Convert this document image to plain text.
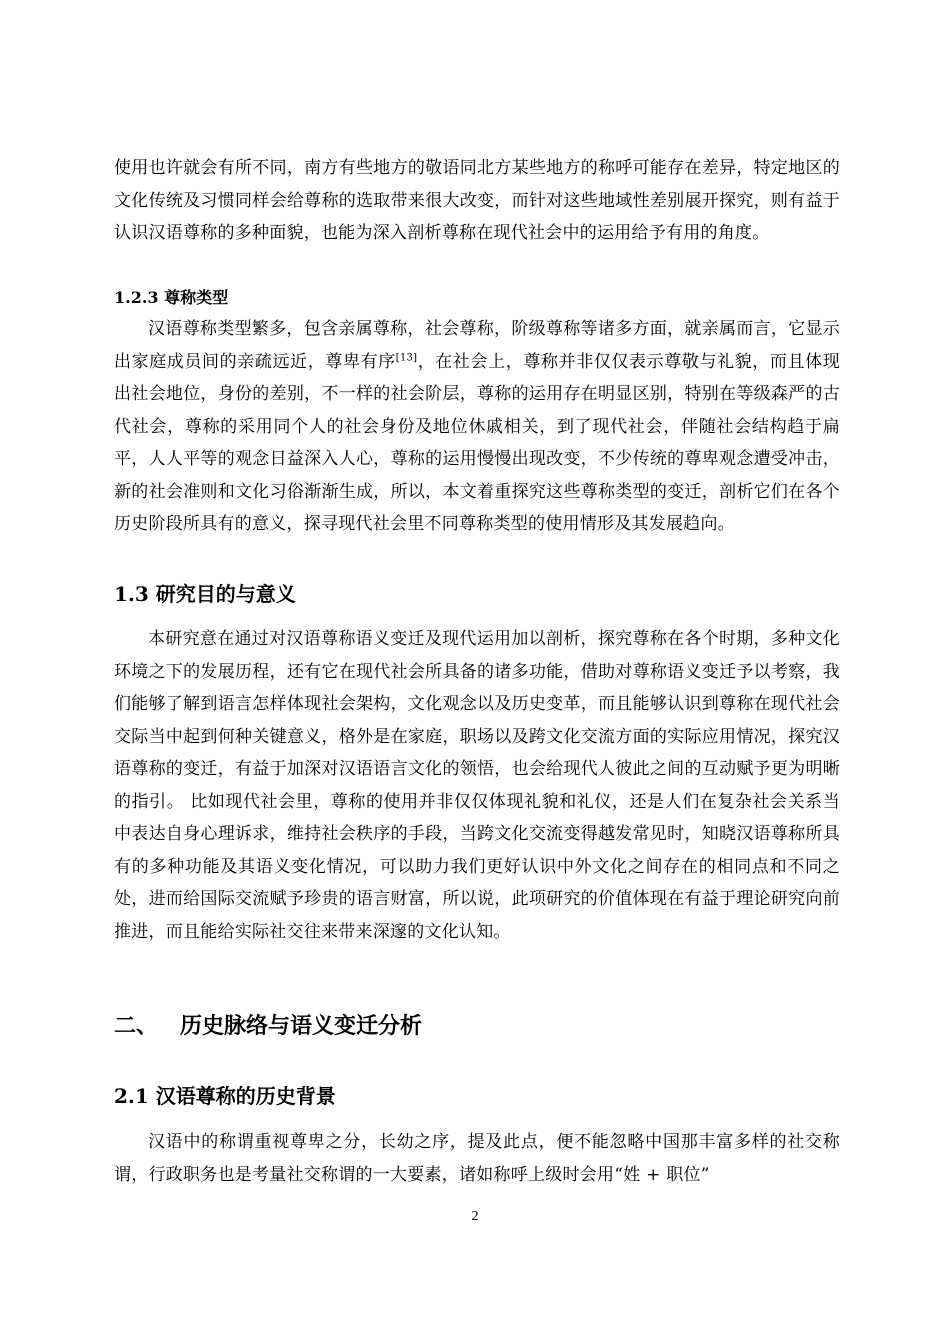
使用也许就会有所不同，南方有些地方的敬语同北方某些地方的称呼可能存在差异，特定地区的文化传统及习惯同样会给尊称的选取带来很大改变，而针对这些地域性差别展开探究，则有益于认识汉语尊称的多种面貌，也能为深入剖析尊称在现代社会中的运用给予有用的角度。

1.2.3 尊称类型

汉语尊称类型繁多，包含亲属尊称，社会尊称，阶级尊称等诸多方面，就亲属而言，它显示出家庭成员间的亲疏远近，尊卑有序[13]，在社会上，尊称并非仅仅表示尊敬与礼貌，而且体现出社会地位，身份的差别，不一样的社会阶层，尊称的运用存在明显区别，特别在等级森严的古代社会，尊称的采用同个人的社会身份及地位休戚相关，到了现代社会，伴随社会结构趋于扁平，人人平等的观念日益深入人心，尊称的运用慢慢出现改变，不少传统的尊卑观念遭受冲击，新的社会准则和文化习俗渐渐生成，所以，本文着重探究这些尊称类型的变迁，剖析它们在各个历史阶段所具有的意义，探寻现代社会里不同尊称类型的使用情形及其发展趋向。

1.3 研究目的与意义

本研究意在通过对汉语尊称语义变迁及现代运用加以剖析，探究尊称在各个时期，多种文化环境之下的发展历程，还有它在现代社会所具备的诸多功能，借助对尊称语义变迁予以考察，我们能够了解到语言怎样体现社会架构，文化观念以及历史变革，而且能够认识到尊称在现代社会交际当中起到何种关键意义，格外是在家庭，职场以及跨文化交流方面的实际应用情况，探究汉语尊称的变迁，有益于加深对汉语语言文化的领悟，也会给现代人彼此之间的互动赋予更为明晰的指引。 比如现代社会里，尊称的使用并非仅仅体现礼貌和礼仪，还是人们在复杂社会关系当中表达自身心理诉求，维持社会秩序的手段，当跨文化交流变得越发常见时，知晓汉语尊称所具有的多种功能及其语义变化情况，可以助力我们更好认识中外文化之间存在的相同点和不同之处，进而给国际交流赋予珍贵的语言财富，所以说，此项研究的价值体现在有益于理论研究向前推进，而且能给实际社交往来带来深邃的文化认知。

二、 历史脉络与语义变迁分析
2.1 汉语尊称的历史背景

汉语中的称谓重视尊卑之分，长幼之序，提及此点，便不能忽略中国那丰富多样的社交称谓，行政职务也是考量社交称谓的一大要素，诸如称呼上级时会用“姓 + 职位”

2
